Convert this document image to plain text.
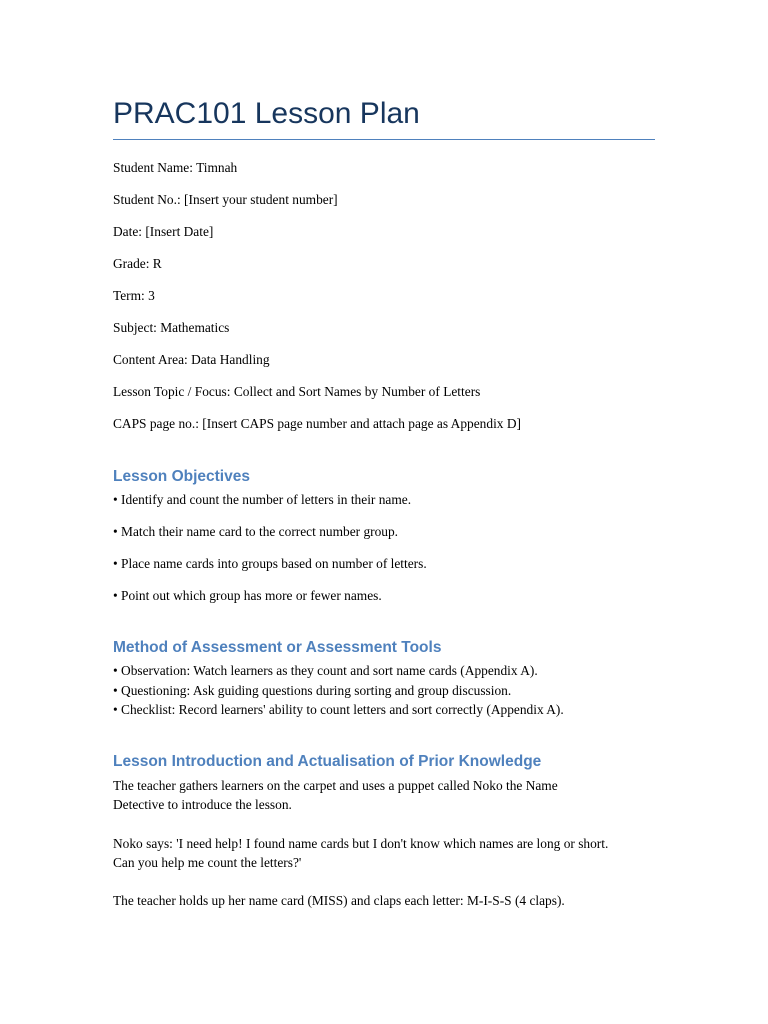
PRAC101 Lesson Plan

Student Name: Timnah

Student No.: [Insert your student number]

Date: [Insert Date]

Grade: R

Term: 3

Subject: Mathematics

Content Area: Data Handling

Lesson Topic / Focus: Collect and Sort Names by Number of Letters

CAPS page no.: [Insert CAPS page number and attach page as Appendix D]

Lesson Objectives

• Identify and count the number of letters in their name.

• Match their name card to the correct number group.

• Place name cards into groups based on number of letters.

• Point out which group has more or fewer names.

Method of Assessment or Assessment Tools

• Observation: Watch learners as they count and sort name cards (Appendix A).

• Questioning: Ask guiding questions during sorting and group discussion.

• Checklist: Record learners' ability to count letters and sort correctly (Appendix A).

Lesson Introduction and Actualisation of Prior Knowledge
The teacher gathers learners on the carpet and uses a puppet called Noko the Name
Detective to introduce the lesson.
Noko says: 'I need help! I found name cards but I don't know which names are long or short.
Can you help me count the letters?'
The teacher holds up her name card (MISS) and claps each letter: M-I-S-S (4 claps).
